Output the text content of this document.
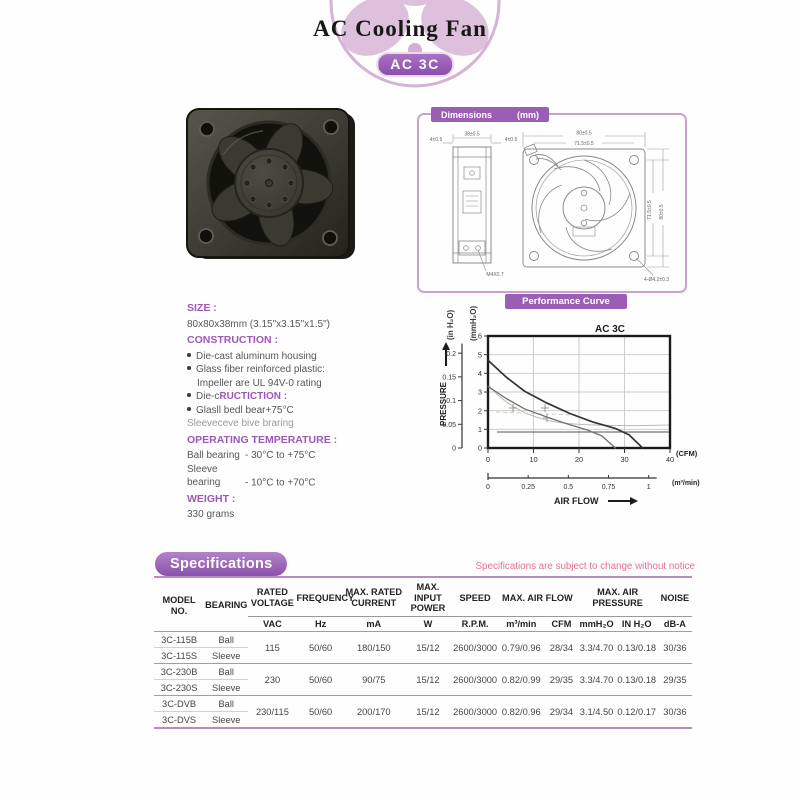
AC Cooling Fan
AC 3C
Dimensions	(mm)
38±0.5
4±0.5	4±0.5
M4X0.7
80±0.5
71.5±0.5
71.5±0.5 80±0.5
4-Ø4.2±0.3
SIZE :
80x80x38mm (3.15"x3.15"x1.5")
CONSTRUCTION :
Die-cast aluminum housing
Glass fiber reinforced plastic:
Impeller are UL 94V-0 rating
Die-cRUCTICTION :
Glasll bedl bear+75°C
Sleeveceve bive braring
OPERATING TEMPERATURE :
Ball bearing - 30°C to +75°C
Sleeve bearing - 10°C to +70°C
WEIGHT :
330 grams
Performance Curve
(in H₂O) (mmH₂O)	AC 3C
0
1
2
3
4
5
6
0
0.05
0.1
0.15
0.2
0	10	20	30	40
0	0.25	0.5	0.75	1
(CFM)
(m³/min)
AIR FLOW
PRESSURE
Specifications	Specifications are subject to change without notice
MODEL NO.	BEARING	RATED VOLTAGE	FREQUENCY	MAX. RATED CURRENT	MAX. INPUT POWER	SPEED	MAX. AIR FLOW		MAX. AIR PRESSURE		NOISE
		VAC	Hz	mA	W	R.P.M.	m³/min	CFM	mmH₂O	IN H₂O	dB-A
3C-115B	Ball	115	50/60	180/150	15/12	2600/3000	0.79/0.96	28/34	3.3/4.70	0.13/0.18	30/36
3C-115S	Sleeve										
3C-230B	Ball	230	50/60	90/75	15/12	2600/3000	0.82/0.99	29/35	3.3/4.70	0.13/0.18	29/35
3C-230S	Sleeve										
3C-DVB	Ball	230/115	50/60	200/170	15/12	2600/3000	0.82/0.96	29/34	3.1/4.50	0.12/0.17	30/36
3C-DVS	Sleeve										
